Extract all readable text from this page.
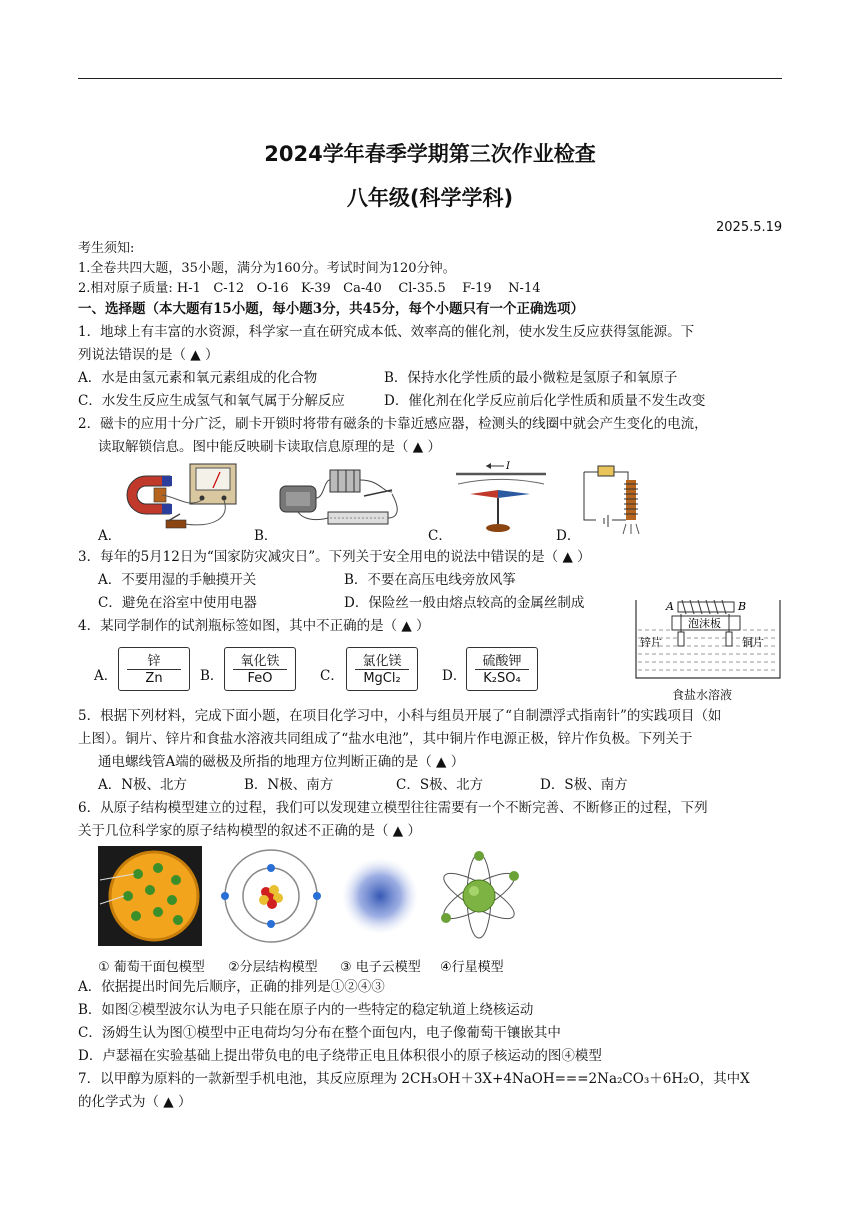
2024学年春季学期第三次作业检查
八年级(科学学科)
2025.5.19
考生须知:
1.全卷共四大题，35小题，满分为160分。考试时间为120分钟。
2.相对原子质量: H-1   C-12   O-16   K-39   Ca-40    Cl-35.5    F-19    N-14
一、选择题（本大题有15小题，每小题3分，共45分，每个小题只有一个正确选项）
1．地球上有丰富的水资源，科学家一直在研究成本低、效率高的催化剂，使水发生反应获得氢能源。下
列说法错误的是（ ▲ ）
A．水是由氢元素和氧元素组成的化合物	B．保持水化学性质的最小微粒是氢原子和氧原子
C．水发生反应生成氢气和氧气属于分解反应	D．催化剂在化学反应前后化学性质和质量不发生改变
2．磁卡的应用十分广泛，刷卡开锁时将带有磁条的卡靠近感应器，检测头的线圈中就会产生变化的电流，
读取解锁信息。图中能反映刷卡读取信息原理的是（ ▲ ）
A．	B．	C．	D．
I
3．每年的5月12日为“国家防灾减灾日”。下列关于安全用电的说法中错误的是（ ▲ ）
A．不要用湿的手触摸开关	B．不要在高压电线旁放风筝
C．避免在浴室中使用电器	D．保险丝一般由熔点较高的金属丝制成	A	B
泡沫板
锌片	铜片
食盐水溶液
4．某同学制作的试剂瓶标签如图，其中不正确的是（ ▲ ）
A．
锌
Zn	B．
氧化铁
FeO	C．
氯化镁
MgCl₂	D．
硫酸钾
K₂SO₄
5．根据下列材料，完成下面小题，在项目化学习中，小科与组员开展了“自制漂浮式指南针”的实践项目（如
上图）。铜片、锌片和食盐水溶液共同组成了“盐水电池”，其中铜片作电源正极，锌片作负极。下列关于
通电螺线管A端的磁极及所指的地理方位判断正确的是（ ▲ ）
A．N极、北方	B．N极、南方	C．S极、北方	D．S极、南方
6．从原子结构模型建立的过程，我们可以发现建立模型往往需要有一个不断完善、不断修正的过程，下列
关于几位科学家的原子结构模型的叙述不正确的是（ ▲ ）
① 葡萄干面包模型 ②分层结构模型 ③ 电子云模型 ④行星模型
A．依据提出时间先后顺序，正确的排列是①②④③
B．如图②模型波尔认为电子只能在原子内的一些特定的稳定轨道上绕核运动
C．汤姆生认为图①模型中正电荷均匀分布在整个面包内，电子像葡萄干镶嵌其中
D．卢瑟福在实验基础上提出带负电的电子绕带正电且体积很小的原子核运动的图④模型
7．以甲醇为原料的一款新型手机电池，其反应原理为 2CH₃OH＋3X+4NaOH===2Na₂CO₃＋6H₂O，其中X
的化学式为（ ▲ ）
